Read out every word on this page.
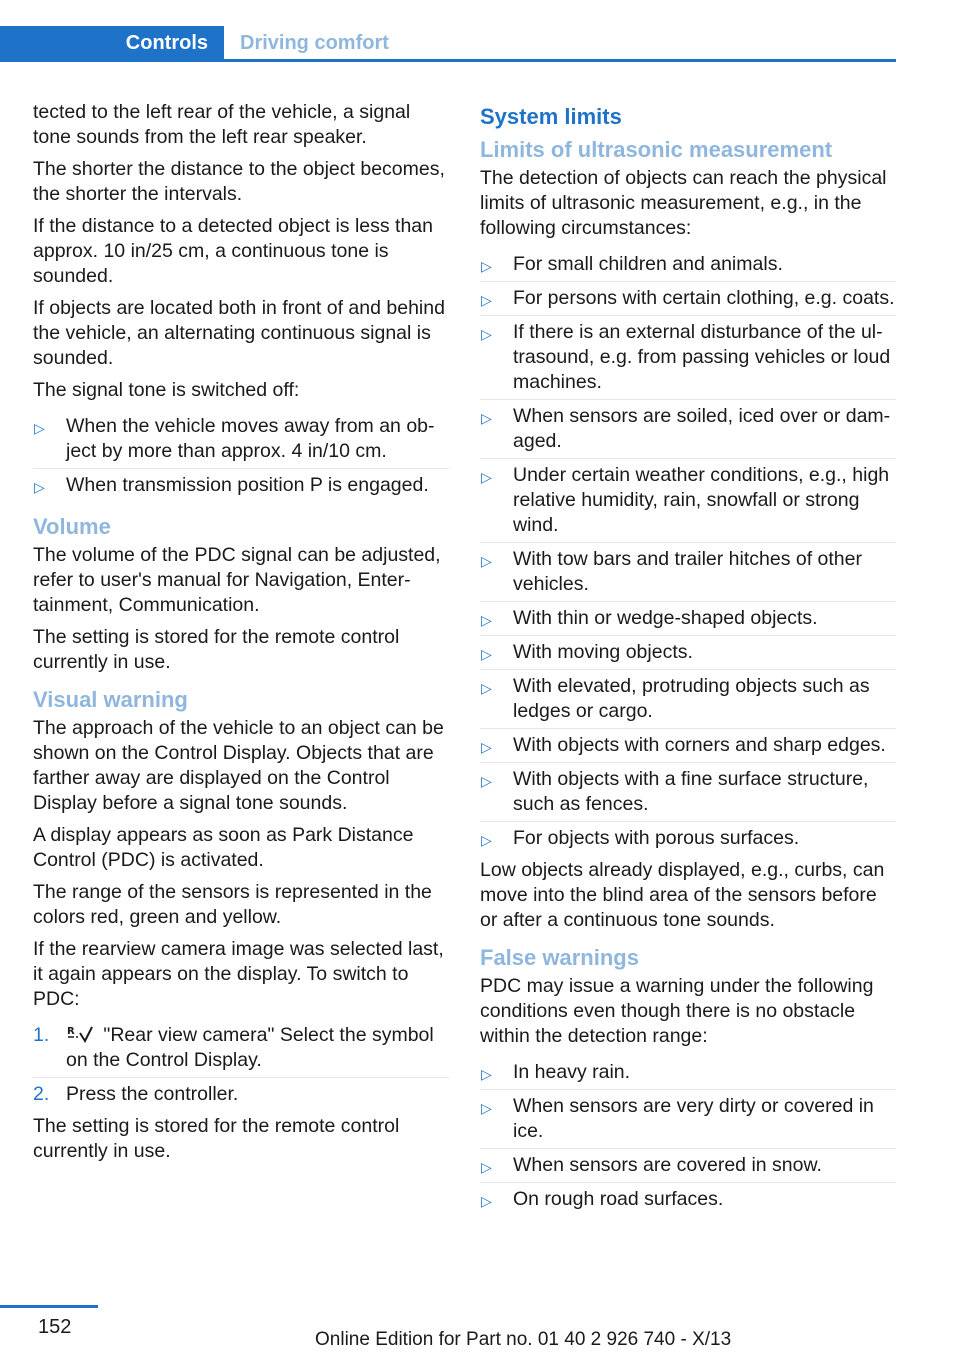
Controls	Driving comfort

tected to the left rear of the vehicle, a signal tone sounds from the left rear speaker.

The shorter the distance to the object becomes, the shorter the intervals.

If the distance to a detected object is less than approx. 10 in/25 cm, a continuous tone is sounded.

If objects are located both in front of and behind the vehicle, an alternating continuous signal is sounded.

The signal tone is switched off:

▷ When the vehicle moves away from an object by more than approx. 4 in/10 cm.
▷ When transmission position P is engaged.
Volume

The volume of the PDC signal can be adjusted, refer to user's manual for Navigation, Entertainment, Communication.

The setting is stored for the remote control currently in use.

Visual warning

The approach of the vehicle to an object can be shown on the Control Display. Objects that are farther away are displayed on the Control Display before a signal tone sounds.

A display appears as soon as Park Distance Control (PDC) is activated.

The range of the sensors is represented in the colors red, green and yellow.

If the rearview camera image was selected last, it again appears on the display. To switch to PDC:

1. R "Rear view camera" Select the symbol on the Control Display.
2. Press the controller.

The setting is stored for the remote control currently in use.

System limits
Limits of ultrasonic measurement

The detection of objects can reach the physical limits of ultrasonic measurement, e.g., in the following circumstances:

▷ For small children and animals.
▷ For persons with certain clothing, e.g. coats.
▷ If there is an external disturbance of the ultrasound, e.g. from passing vehicles or loud machines.
▷ When sensors are soiled, iced over or damaged.
▷ Under certain weather conditions, e.g., high relative humidity, rain, snowfall or strong wind.
▷ With tow bars and trailer hitches of other vehicles.
▷ With thin or wedge-shaped objects.
▷ With moving objects.
▷ With elevated, protruding objects such as ledges or cargo.
▷ With objects with corners and sharp edges.
▷ With objects with a fine surface structure, such as fences.
▷ For objects with porous surfaces.

Low objects already displayed, e.g., curbs, can move into the blind area of the sensors before or after a continuous tone sounds.

False warnings

PDC may issue a warning under the following conditions even though there is no obstacle within the detection range:

▷ In heavy rain.
▷ When sensors are very dirty or covered in ice.
▷ When sensors are covered in snow.
▷ On rough road surfaces.
152
Online Edition for Part no. 01 40 2 926 740 - X/13
